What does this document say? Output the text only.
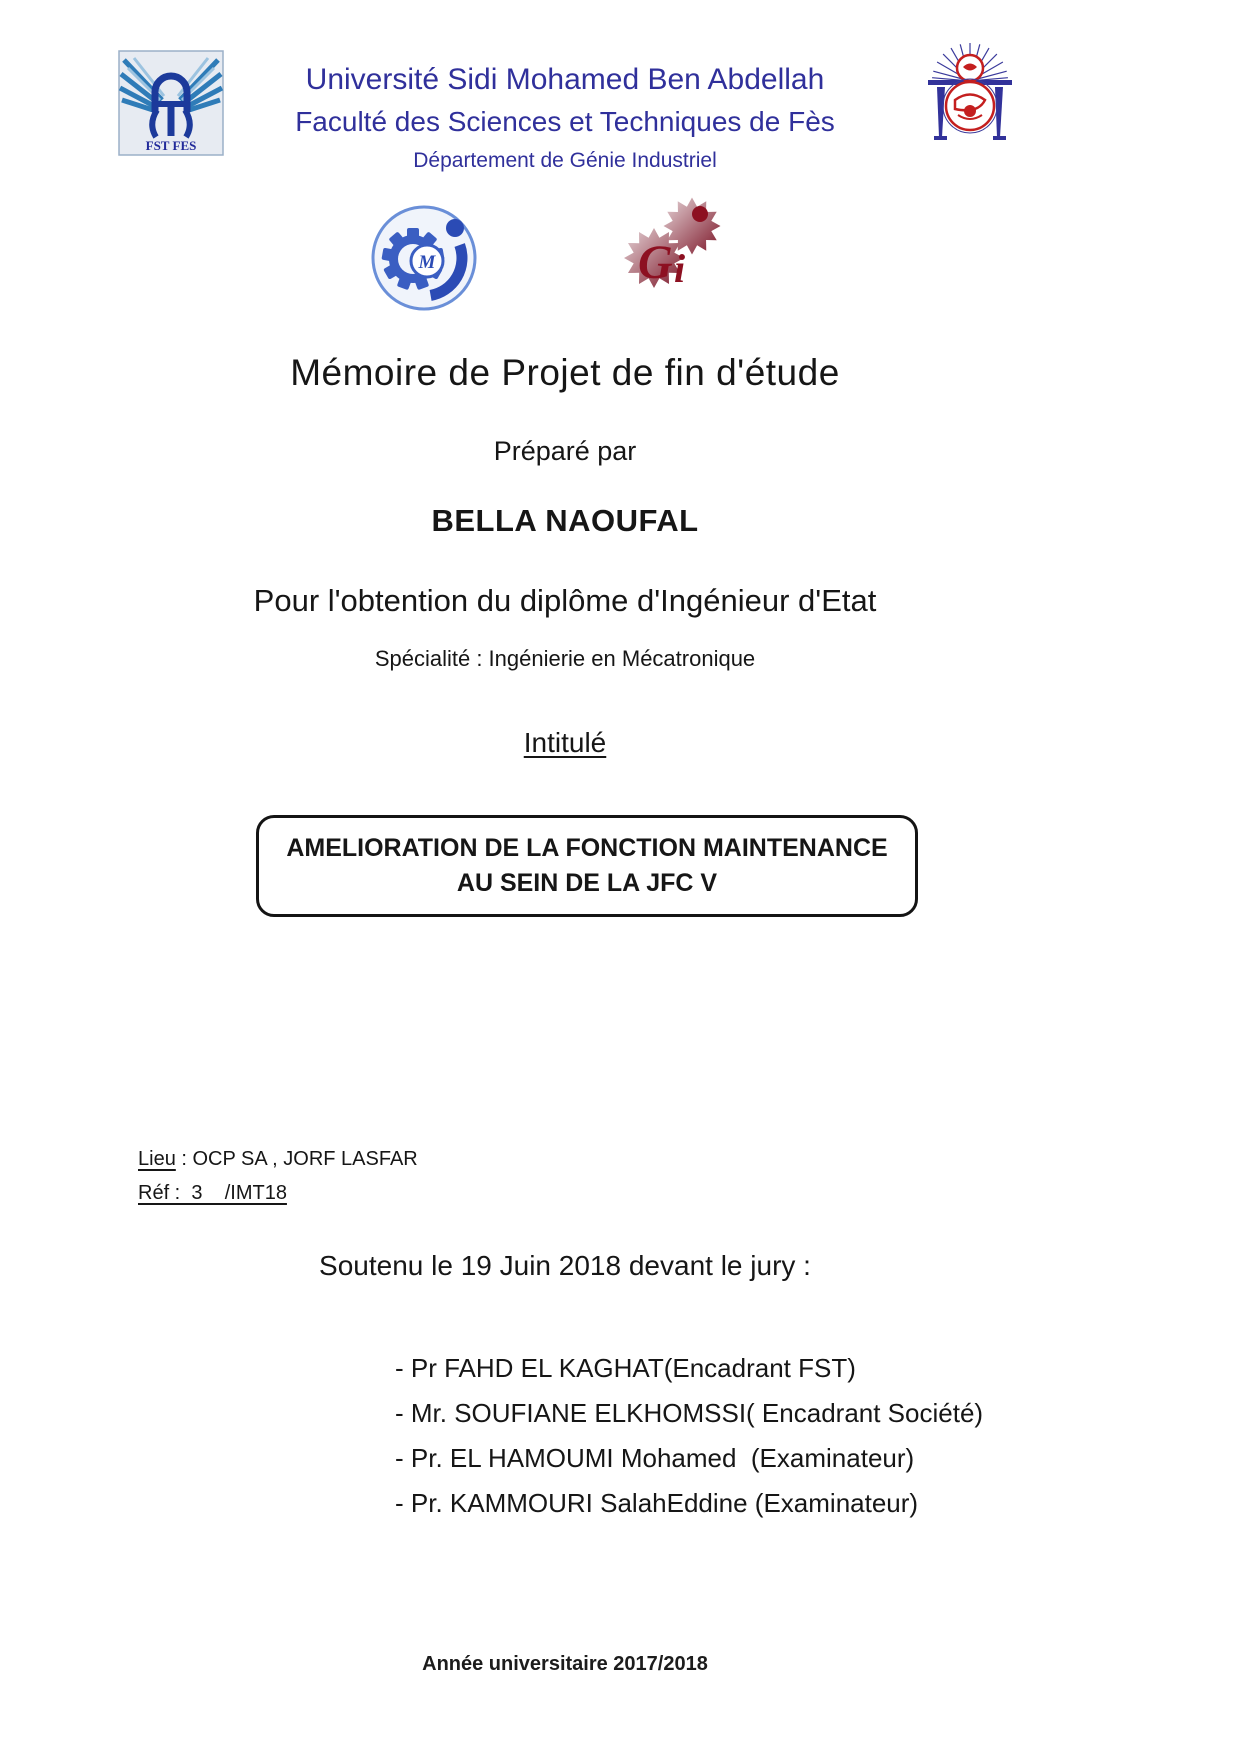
FST FES
Université Sidi Mohamed Ben Abdellah
Faculté des Sciences et Techniques de Fès
Département de Génie Industriel
M	G i
Mémoire de Projet de fin d'étude
Préparé par
BELLA NAOUFAL
Pour l'obtention du diplôme d'Ingénieur d'Etat
Spécialité : Ingénierie en Mécatronique
Intitulé
AMELIORATION DE LA FONCTION MAINTENANCE
AU SEIN DE LA JFC V
Lieu : OCP SA , JORF LASFAR
Réf :  3    /IMT18
Soutenu le 19 Juin 2018 devant le jury :
- Pr FAHD EL KAGHAT(Encadrant FST)
- Mr. SOUFIANE ELKHOMSSI( Encadrant Société)
- Pr. EL HAMOUMI Mohamed  (Examinateur)
- Pr. KAMMOURI SalahEddine (Examinateur)
Année universitaire 2017/2018
